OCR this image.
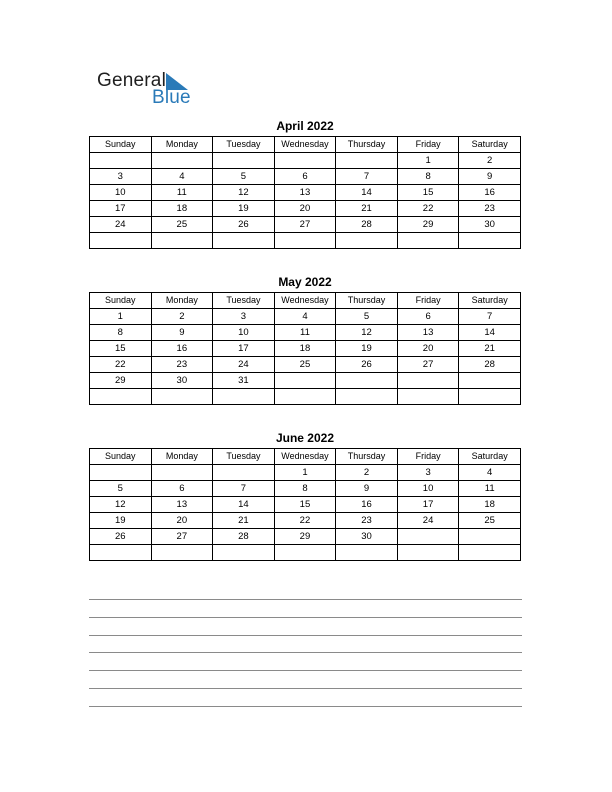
General
Blue
April 2022
Sunday	Monday	Tuesday	Wednesday	Thursday	Friday	Saturday
					1	2
3	4	5	6	7	8	9
10	11	12	13	14	15	16
17	18	19	20	21	22	23
24	25	26	27	28	29	30

May 2022
Sunday	Monday	Tuesday	Wednesday	Thursday	Friday	Saturday
1	2	3	4	5	6	7
8	9	10	11	12	13	14
15	16	17	18	19	20	21
22	23	24	25	26	27	28
29	30	31				

June 2022
Sunday	Monday	Tuesday	Wednesday	Thursday	Friday	Saturday
			1	2	3	4
5	6	7	8	9	10	11
12	13	14	15	16	17	18
19	20	21	22	23	24	25
26	27	28	29	30		
